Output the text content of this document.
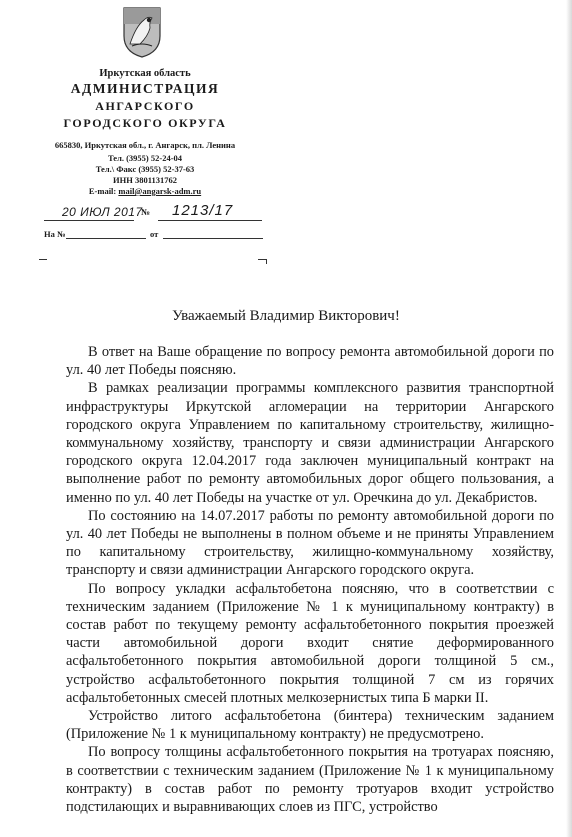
Иркутская область
АДМИНИСТРАЦИЯ
АНГАРСКОГО
ГОРОДСКОГО ОКРУГА
665830, Иркутская обл., г. Ангарск, пл. Ленина
Тел. (3955) 52-24-04
Тел.\ Факс (3955) 52-37-63
ИНН 3801131762
E-mail: mail@angarsk-adm.ru
20 ИЮЛ 2017
№ 1213/17
На №	от
Уважаемый Владимир Викторович!

В ответ на Ваше обращение по вопросу ремонта автомобильной дороги по ул. 40 лет Победы поясняю.

В рамках реализации программы комплексного развития транспортной инфраструктуры Иркутской агломерации на территории Ангарского городского округа Управлением по капитальному строительству, жилищно-коммунальному хозяйству, транспорту и связи администрации Ангарского городского округа 12.04.2017 года заключен муниципальный контракт на выполнение работ по ремонту автомобильных дорог общего пользования, а именно по ул. 40 лет Победы на участке от ул. Оречкина до ул. Декабристов.

По состоянию на 14.07.2017 работы по ремонту автомобильной дороги по ул. 40 лет Победы не выполнены в полном объеме и не приняты Управлением по капитальному строительству, жилищно-коммунальному хозяйству, транспорту и связи администрации Ангарского городского округа.

По вопросу укладки асфальтобетона поясняю, что в соответствии с техническим заданием (Приложение № 1 к муниципальному контракту) в состав работ по текущему ремонту асфальтобетонного покрытия проезжей части автомобильной дороги входит снятие деформированного асфальтобетонного покрытия автомобильной дороги толщиной 5 см., устройство асфальтобетонного покрытия толщиной 7 см из горячих асфальтобетонных смесей плотных мелкозернистых типа Б марки II.

Устройство литого асфальтобетона (бинтера) техническим заданием (Приложение № 1 к муниципальному контракту) не предусмотрено.

По вопросу толщины асфальтобетонного покрытия на тротуарах поясняю, в соответствии с техническим заданием (Приложение № 1 к муниципальному контракту) в состав работ по ремонту тротуаров входит устройство подстилающих и выравнивающих слоев из ПГС, устройство
